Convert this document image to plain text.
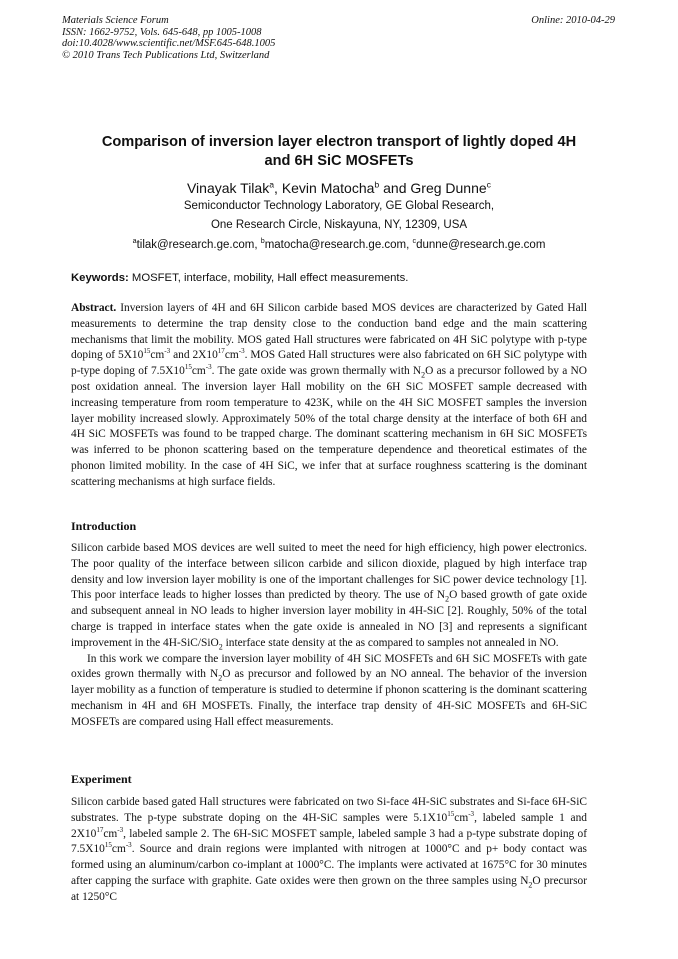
Materials Science Forum
ISSN: 1662-9752, Vols. 645-648, pp 1005-1008
doi:10.4028/www.scientific.net/MSF.645-648.1005
© 2010 Trans Tech Publications Ltd, Switzerland
Online: 2010-04-29
Comparison of inversion layer electron transport of lightly doped 4H
and 6H SiC MOSFETs
Vinayak Tilak$^a$, Kevin Matocha$^b$ and Greg Dunne$^c$
Semiconductor Technology Laboratory, GE Global Research,
One Research Circle, Niskayuna, NY, 12309, USA
$^a$tilak@research.ge.com, $^b$matocha@research.ge.com, $^c$dunne@research.ge.com
Keywords: MOSFET, interface, mobility, Hall effect measurements.
Abstract. Inversion layers of 4H and 6H Silicon carbide based MOS devices are characterized by Gated Hall measurements to determine the trap density close to the conduction band edge and the main scattering mechanisms that limit the mobility. MOS gated Hall structures were fabricated on 4H SiC polytype with p-type doping of $5X10^{15}cm^{-3}$ and $2X10^{17}cm^{-3}$. MOS Gated Hall structures were also fabricated on 6H SiC polytype with p-type doping of $7.5X10^{15}cm^{-3}$. The gate oxide was grown thermally with $N_2O$ as a precursor followed by a NO post oxidation anneal. The inversion layer Hall mobility on the 6H SiC MOSFET sample decreased with increasing temperature from room temperature to 423K, while on the 4H SiC MOSFET samples the inversion layer mobility increased slowly. Approximately 50% of the total charge density at the interface of both 6H and 4H SiC MOSFETs was found to be trapped charge. The dominant scattering mechanism in 6H SiC MOSFETs was inferred to be phonon scattering based on the temperature dependence and theoretical estimates of the phonon limited mobility. In the case of 4H SiC, we infer that at surface roughness scattering is the dominant scattering mechanisms at high surface fields.
Introduction
Silicon carbide based MOS devices are well suited to meet the need for high efficiency, high power electronics. The poor quality of the interface between silicon carbide and silicon dioxide, plagued by high interface trap density and low inversion layer mobility is one of the important challenges for SiC power device technology [1]. This poor interface leads to higher losses than predicted by theory. The use of $N_2O$ based growth of gate oxide and subsequent anneal in NO leads to higher inversion layer mobility in 4H-SiC [2]. Roughly, 50% of the total charge is trapped in interface states when the gate oxide is annealed in NO [3] and represents a significant improvement in the 4H-SiC/SiO$_2$ interface state density at the as compared to samples not annealed in NO.
In this work we compare the inversion layer mobility of 4H SiC MOSFETs and 6H SiC MOSFETs with gate oxides grown thermally with $N_2O$ as precursor and followed by an NO anneal. The behavior of the inversion layer mobility as a function of temperature is studied to determine if phonon scattering is the dominant scattering mechanism in 4H and 6H MOSFETs. Finally, the interface trap density of 4H-SiC MOSFETs and 6H-SiC MOSFETs are compared using Hall effect measurements.
Experiment
Silicon carbide based gated Hall structures were fabricated on two Si-face 4H-SiC substrates and Si-face 6H-SiC substrates. The p-type substrate doping on the 4H-SiC samples were $5.1X10^{15}cm^{-3}$, labeled sample 1 and $2X10^{17}cm^{-3}$, labeled sample 2. The 6H-SiC MOSFET sample, labeled sample 3 had a p-type substrate doping of $7.5X10^{15}cm^{-3}$. Source and drain regions were implanted with nitrogen at 1000°C and p+ body contact was formed using an aluminum/carbon co-implant at 1000°C. The implants were activated at 1675°C for 30 minutes after capping the surface with graphite. Gate oxides were then grown on the three samples using $N_2O$ precursor at 1250°C
